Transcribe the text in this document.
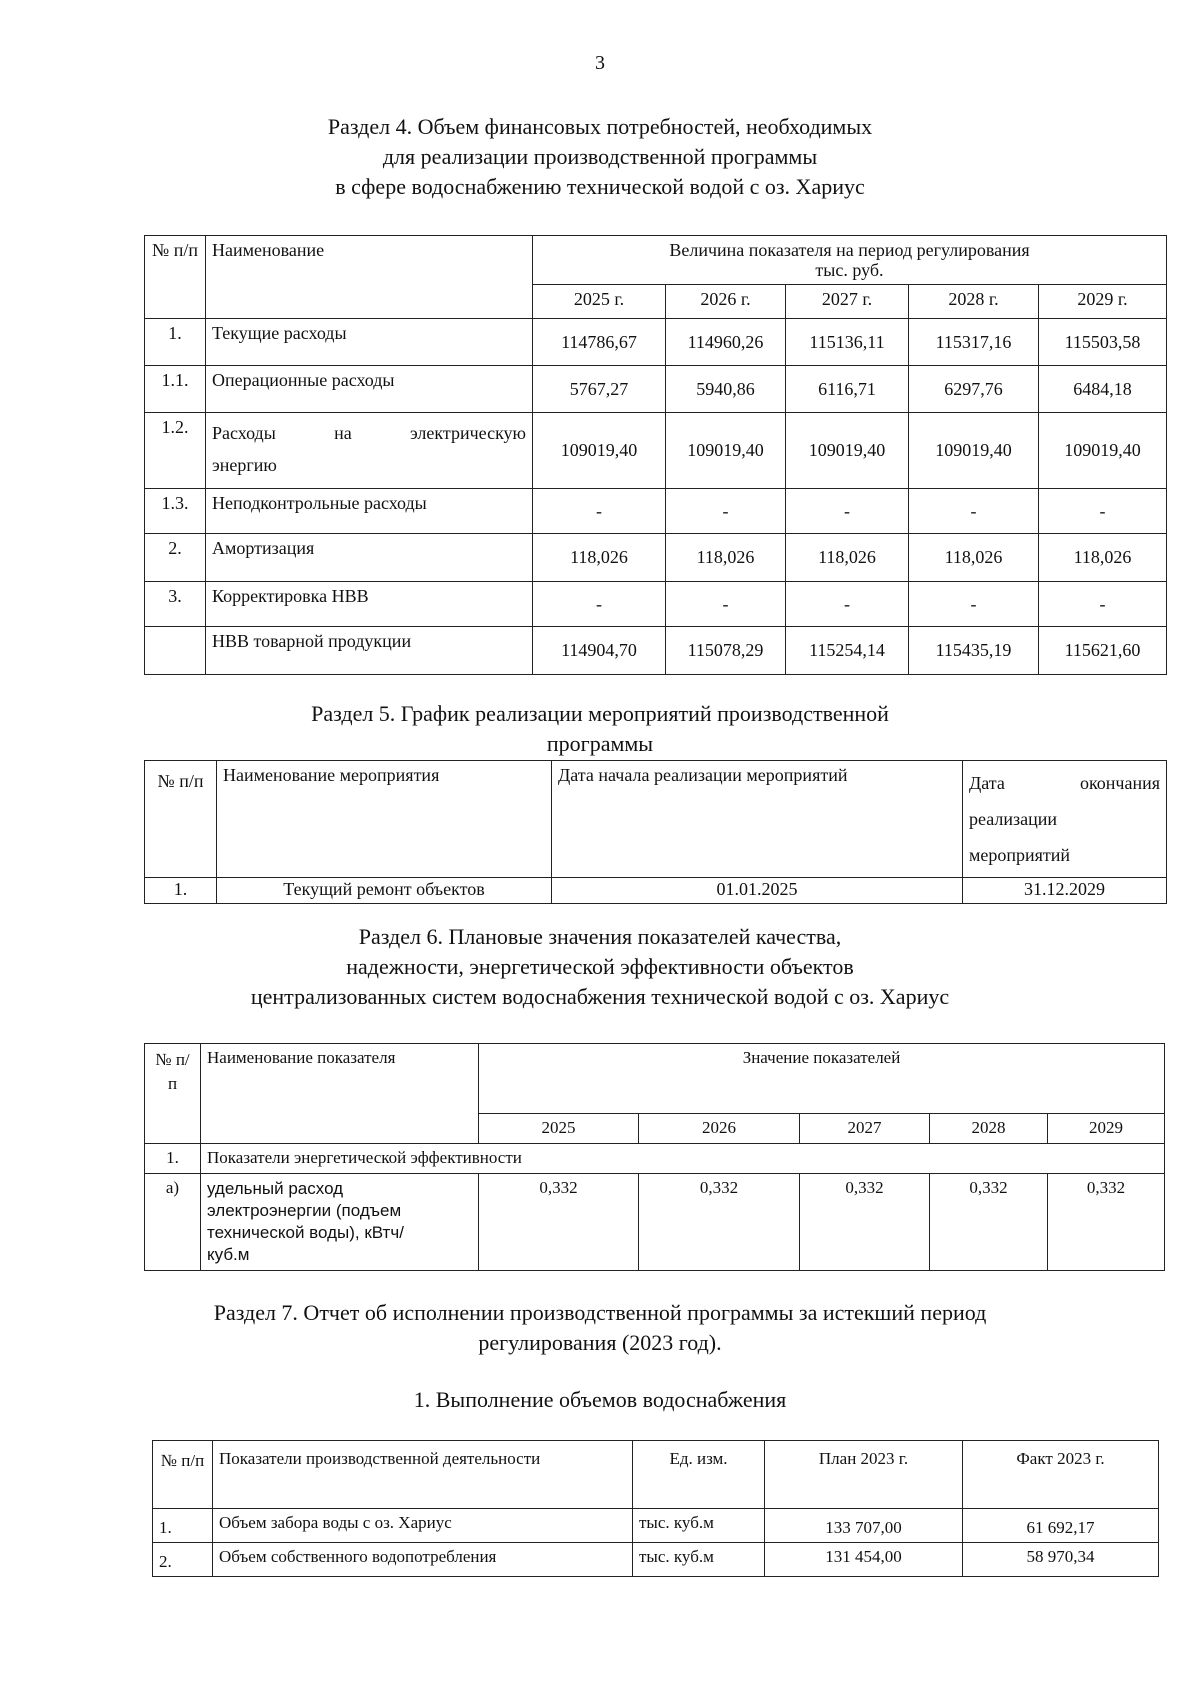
3
Раздел 4. Объем финансовых потребностей, необходимых
для реализации производственной программы
в сфере водоснабжению технической водой с оз. Хариус
№ п/п	Наименование	Величина показателя на период регулирования
тыс. руб.				

		2025 г.	2026 г.	2027 г.	2028 г.	2029 г.
1.	Текущие расходы	114786,67	114960,26	115136,11	115317,16	115503,58
1.1.	Операционные расходы	5767,27	5940,86	6116,71	6297,76	6484,18
1.2.	Расходы на электрическую
энергию	109019,40	109019,40	109019,40	109019,40	109019,40
1.3.	Неподконтрольные расходы	-	-	-	-	-
2.	Амортизация	118,026	118,026	118,026	118,026	118,026
3.	Корректировка НВВ	-	-	-	-	-
	НВВ товарной продукции	114904,70	115078,29	115254,14	115435,19	115621,60
Раздел 5. График реализации мероприятий производственной
программы
№ п/п	Наименование мероприятия	Дата начала реализации мероприятий	Дата окончания реализации мероприятий
1.	Текущий ремонт объектов	01.01.2025	31.12.2029
Раздел 6. Плановые значения показателей качества,
надежности, энергетической эффективности объектов
централизованных систем водоснабжения технической водой с оз. Хариус
№ п/п	Наименование показателя	Значение показателей				
		2025	2026	2027	2028	2029
1.	Показатели энергетической эффективности					
а)	удельный расход электроэнергии (подъем технической воды), кВтч/куб.м	0,332	0,332	0,332	0,332	0,332
Раздел 7. Отчет об исполнении производственной программы за истекший период
регулирования (2023 год).
1. Выполнение объемов водоснабжения
№ п/п	Показатели производственной деятельности	Ед. изм.	План 2023 г.	Факт 2023 г.
1.	Объем забора воды с оз. Хариус	тыс. куб.м	133 707,00	61 692,17
2.	Объем собственного водопотребления	тыс. куб.м	131 454,00	58 970,34
